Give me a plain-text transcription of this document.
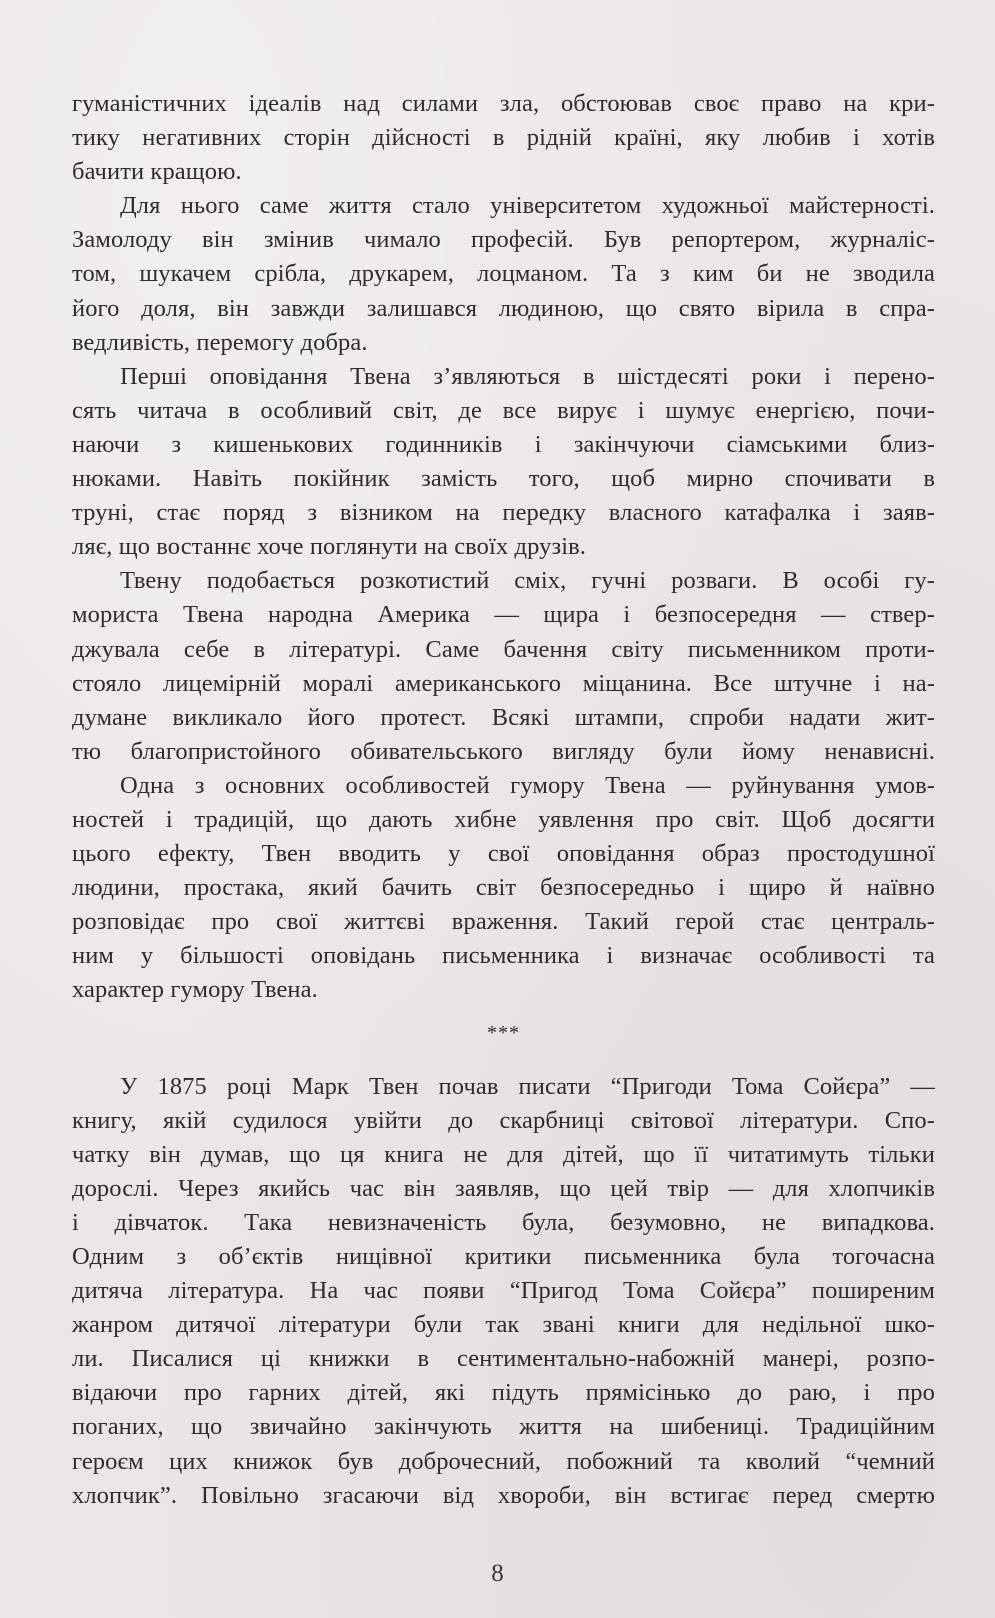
гуманістичних ідеалів над силами зла, обстоював своє право на кри-
тику негативних сторін дійсності в рідній країні, яку любив і хотів
бачити кращою.
Для нього саме життя стало університетом художньої майстерності.
Замолоду він змінив чимало професій. Був репортером, журналіс-
том, шукачем срібла, друкарем, лоцманом. Та з ким би не зводила
його доля, він завжди залишався людиною, що свято вірила в спра-
ведливість, перемогу добра.
Перші оповідання Твена з’являються в шістдесяті роки і перено-
сять читача в особливий світ, де все вирує і шумує енергією, почи-
наючи з кишенькових годинників і закінчуючи сіамськими близ-
нюками. Навіть покійник замість того, щоб мирно спочивати в
труні, стає поряд з візником на передку власного катафалка і заяв-
ляє, що востаннє хоче поглянути на своїх друзів.
Твену подобається розкотистий сміх, гучні розваги. В особі гу-
мориста Твена народна Америка — щира і безпосередня — ствер-
джувала себе в літературі. Саме бачення світу письменником проти-
стояло лицемірній моралі американського міщанина. Все штучне і на-
думане викликало його протест. Всякі штампи, спроби надати жит-
тю благопристойного обивательського вигляду були йому ненависні.
Одна з основних особливостей гумору Твена — руйнування умов-
ностей і традицій, що дають хибне уявлення про світ. Щоб досягти
цього ефекту, Твен вводить у свої оповідання образ простодушної
людини, простака, який бачить світ безпосередньо і щиро й наївно
розповідає про свої життєві враження. Такий герой стає централь-
ним у більшості оповідань письменника і визначає особливості та
характер гумору Твена.
***
У 1875 році Марк Твен почав писати “Пригоди Тома Сойєра” —
книгу, якій судилося увійти до скарбниці світової літератури. Спо-
чатку він думав, що ця книга не для дітей, що її читатимуть тільки
дорослі. Через якийсь час він заявляв, що цей твір — для хлопчиків
і дівчаток. Така невизначеність була, безумовно, не випадкова.
Одним з об’єктів нищівної критики письменника була тогочасна
дитяча література. На час появи “Пригод Тома Сойєра” поширеним
жанром дитячої літератури були так звані книги для недільної шко-
ли. Писалися ці книжки в сентиментально-набожній манері, розпо-
відаючи про гарних дітей, які підуть прямісінько до раю, і про
поганих, що звичайно закінчують життя на шибениці. Традиційним
героєм цих книжок був доброчесний, побожний та кволий “чемний
хлопчик”. Повільно згасаючи від хвороби, він встигає перед смертю
8
